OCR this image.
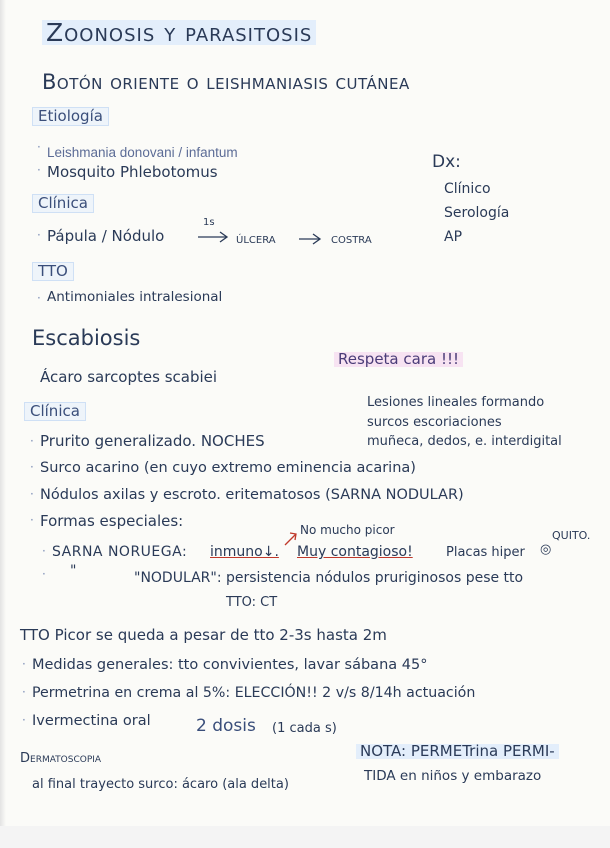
Zoonosis y parasitosis
Botón oriente o leishmaniasis cutánea
Etiología
· Leishmania donovani / infantum
· Mosquito Phlebotomus	Dx:
Clínico
Serología
AP
Clínica
· Pápula / Nódulo
1s
úlcera	costra
TTO
· Antimoniales intralesional
Escabiosis
Respeta cara !!!
Ácaro sarcoptes scabiei
Clínica	Lesiones lineales formando
surcos escoriaciones
muñeca, dedos, e. interdigital
· Prurito generalizado. NOCHES
· Surco acarino (en cuyo extremo eminencia acarina)
· Nódulos axilas y escroto. eritematosos (SARNA NODULAR)
· Formas especiales:	No mucho picor
· SARNA NORUEGA: inmuno↓. Muy contagioso!	Placas hiper ◎
QUITO.
"
·	"NODULAR": persistencia nódulos pruriginosos pese tto
TTO: CT
TTO Picor se queda a pesar de tto 2-3s hasta 2m
· Medidas generales: tto convivientes, lavar sábana 45°
· Permetrina en crema al 5%: ELECCIÓN!! 2 v/s 8/14h actuación
· Ivermectina oral	2 dosis (1 cada s)
Dermatoscopia
al final trayecto surco: ácaro (ala delta)
NOTA: PERMETrina PERMI-
TIDA en niños y embarazo
